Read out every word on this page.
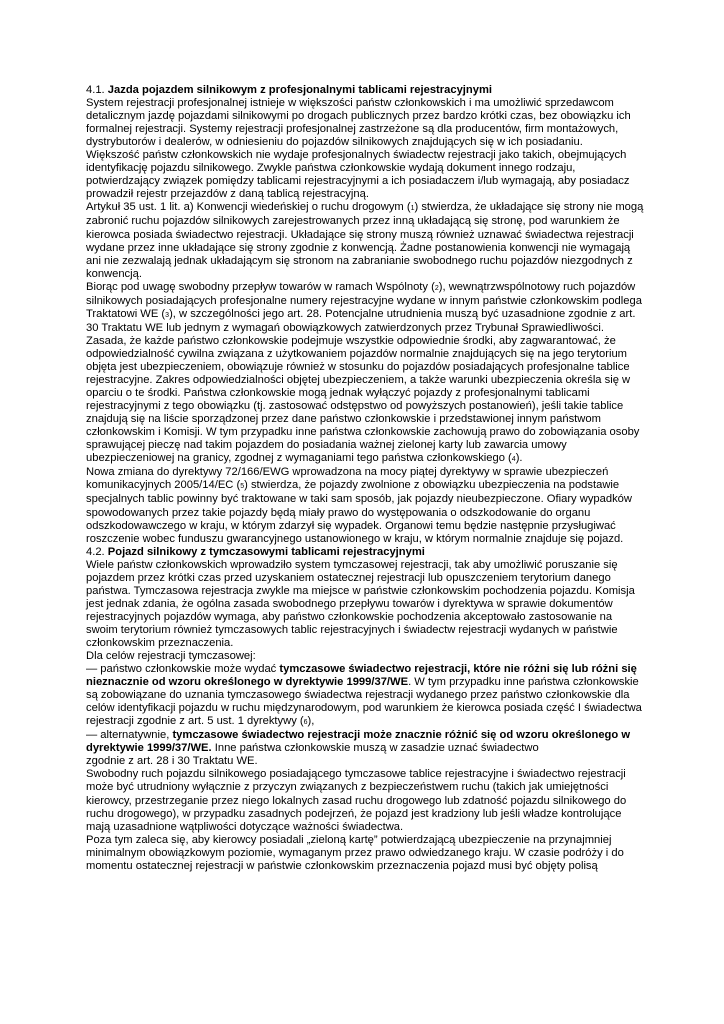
4.1. Jazda pojazdem silnikowym z profesjonalnymi tablicami rejestracyjnymi

System rejestracji profesjonalnej istnieje w większości państw członkowskich i ma umożliwić sprzedawcom detalicznym jazdę pojazdami silnikowymi po drogach publicznych przez bardzo krótki czas, bez obowiązku ich formalnej rejestracji. Systemy rejestracji profesjonalnej zastrzeżone są dla producentów, firm montażowych, dystrybutorów i dealerów, w odniesieniu do pojazdów silnikowych znajdujących się w ich posiadaniu.

Większość państw członkowskich nie wydaje profesjonalnych świadectw rejestracji jako takich, obejmujących identyfikację pojazdu silnikowego. Zwykle państwa członkowskie wydają dokument innego rodzaju, potwierdzający związek pomiędzy tablicami rejestracyjnymi a ich posiadaczem i/lub wymagają, aby posiadacz prowadził rejestr przejazdów z daną tablicą rejestracyjną.

Artykuł 35 ust. 1 lit. a) Konwencji wiedeńskiej o ruchu drogowym (1) stwierdza, że układające się strony nie mogą zabronić ruchu pojazdów silnikowych zarejestrowanych przez inną układającą się stronę, pod warunkiem że kierowca posiada świadectwo rejestracji. Układające się strony muszą również uznawać świadectwa rejestracji wydane przez inne układające się strony zgodnie z konwencją. Żadne postanowienia konwencji nie wymagają ani nie zezwalają jednak układającym się stronom na zabranianie swobodnego ruchu pojazdów niezgodnych z konwencją.

Biorąc pod uwagę swobodny przepływ towarów w ramach Wspólnoty (2), wewnątrzwspólnotowy ruch pojazdów silnikowych posiadających profesjonalne numery rejestracyjne wydane w innym państwie członkowskim podlega Traktatowi WE (3), w szczególności jego art. 28. Potencjalne utrudnienia muszą być uzasadnione zgodnie z art. 30 Traktatu WE lub jednym z wymagań obowiązkowych zatwierdzonych przez Trybunał Sprawiedliwości.

Zasada, że każde państwo członkowskie podejmuje wszystkie odpowiednie środki, aby zagwarantować, że odpowiedzialność cywilna związana z użytkowaniem pojazdów normalnie znajdujących się na jego terytorium objęta jest ubezpieczeniem, obowiązuje również w stosunku do pojazdów posiadających profesjonalne tablice rejestracyjne. Zakres odpowiedzialności objętej ubezpieczeniem, a także warunki ubezpieczenia określa się w oparciu o te środki. Państwa członkowskie mogą jednak wyłączyć pojazdy z profesjonalnymi tablicami rejestracyjnymi z tego obowiązku (tj. zastosować odstępstwo od powyższych postanowień), jeśli takie tablice znajdują się na liście sporządzonej przez dane państwo członkowskie i przedstawionej innym państwom członkowskim i Komisji. W tym przypadku inne państwa członkowskie zachowują prawo do zobowiązania osoby sprawującej pieczę nad takim pojazdem do posiadania ważnej zielonej karty lub zawarcia umowy ubezpieczeniowej na granicy, zgodnej z wymaganiami tego państwa członkowskiego (4).

Nowa zmiana do dyrektywy 72/166/EWG wprowadzona na mocy piątej dyrektywy w sprawie ubezpieczeń komunikacyjnych 2005/14/EC (5) stwierdza, że pojazdy zwolnione z obowiązku ubezpieczenia na podstawie specjalnych tablic powinny być traktowane w taki sam sposób, jak pojazdy nieubezpieczone. Ofiary wypadków spowodowanych przez takie pojazdy będą miały prawo do występowania o odszkodowanie do organu odszkodowawczego w kraju, w którym zdarzył się wypadek. Organowi temu będzie następnie przysługiwać roszczenie wobec funduszu gwarancyjnego ustanowionego w kraju, w którym normalnie znajduje się pojazd.

4.2. Pojazd silnikowy z tymczasowymi tablicami rejestracyjnymi

Wiele państw członkowskich wprowadziło system tymczasowej rejestracji, tak aby umożliwić poruszanie się pojazdem przez krótki czas przed uzyskaniem ostatecznej rejestracji lub opuszczeniem terytorium danego państwa. Tymczasowa rejestracja zwykle ma miejsce w państwie członkowskim pochodzenia pojazdu. Komisja jest jednak zdania, że ogólna zasada swobodnego przepływu towarów i dyrektywa w sprawie dokumentów rejestracyjnych pojazdów wymaga, aby państwo członkowskie pochodzenia akceptowało zastosowanie na swoim terytorium również tymczasowych tablic rejestracyjnych i świadectw rejestracji wydanych w państwie członkowskim przeznaczenia.

Dla celów rejestracji tymczasowej:

— państwo członkowskie może wydać tymczasowe świadectwo rejestracji, które nie różni się lub różni się nieznacznie od wzoru określonego w dyrektywie 1999/37/WE. W tym przypadku inne państwa członkowskie są zobowiązane do uznania tymczasowego świadectwa rejestracji wydanego przez państwo członkowskie dla celów identyfikacji pojazdu w ruchu międzynarodowym, pod warunkiem że kierowca posiada część I świadectwa rejestracji zgodnie z art. 5 ust. 1 dyrektywy (6),

— alternatywnie, tymczasowe świadectwo rejestracji może znacznie różnić się od wzoru określonego w dyrektywie 1999/37/WE. Inne państwa członkowskie muszą w zasadzie uznać świadectwo

zgodnie z art. 28 i 30 Traktatu WE.

Swobodny ruch pojazdu silnikowego posiadającego tymczasowe tablice rejestracyjne i świadectwo rejestracji może być utrudniony wyłącznie z przyczyn związanych z bezpieczeństwem ruchu (takich jak umiejętności kierowcy, przestrzeganie przez niego lokalnych zasad ruchu drogowego lub zdatność pojazdu silnikowego do ruchu drogowego), w przypadku zasadnych podejrzeń, że pojazd jest kradziony lub jeśli władze kontrolujące mają uzasadnione wątpliwości dotyczące ważności świadectwa.

Poza tym zaleca się, aby kierowcy posiadali „zieloną kartę” potwierdzającą ubezpieczenie na przynajmniej minimalnym obowiązkowym poziomie, wymaganym przez prawo odwiedzanego kraju. W czasie podróży i do momentu ostatecznej rejestracji w państwie członkowskim przeznaczenia pojazd musi być objęty polisą
